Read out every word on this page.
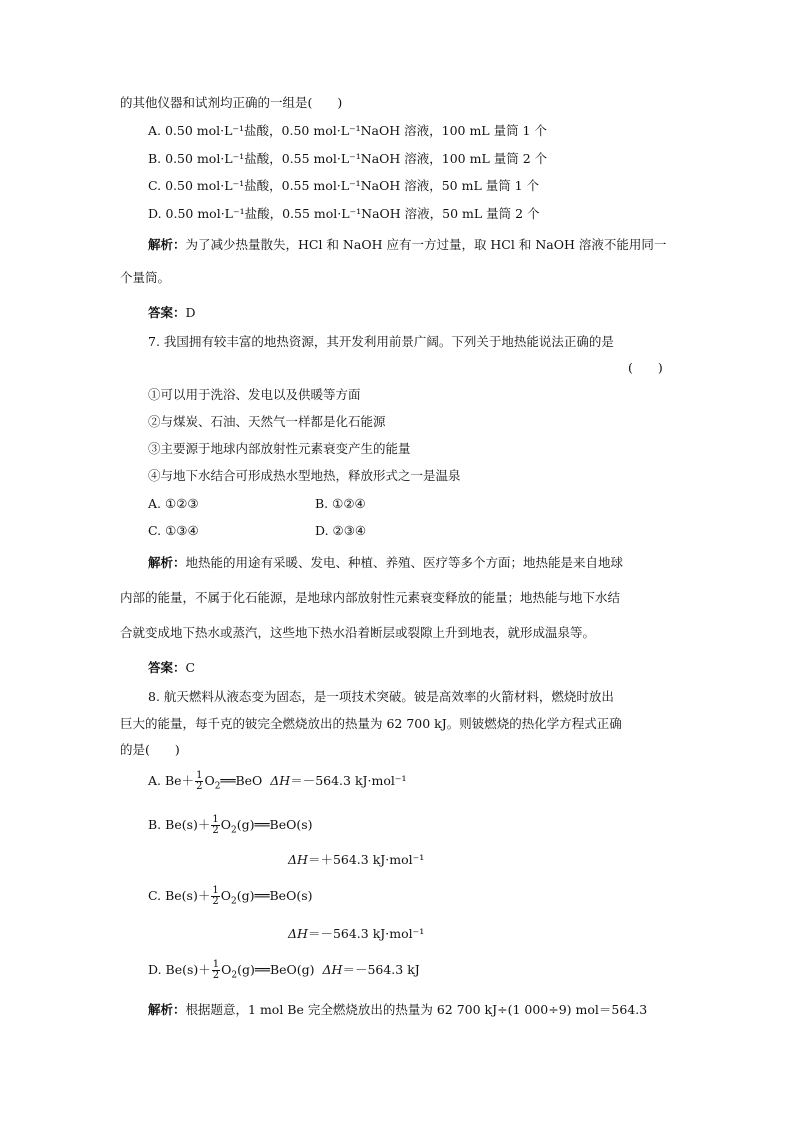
的其他仪器和试剂均正确的一组是(　　)
A. 0.50 mol·L⁻¹盐酸，0.50 mol·L⁻¹NaOH 溶液，100 mL 量筒 1 个
B. 0.50 mol·L⁻¹盐酸，0.55 mol·L⁻¹NaOH 溶液，100 mL 量筒 2 个
C. 0.50 mol·L⁻¹盐酸，0.55 mol·L⁻¹NaOH 溶液，50 mL 量筒 1 个
D. 0.50 mol·L⁻¹盐酸，0.55 mol·L⁻¹NaOH 溶液，50 mL 量筒 2 个
解析：为了减少热量散失，HCl 和 NaOH 应有一方过量，取 HCl 和 NaOH 溶液不能用同一
个量筒。
答案：D
7. 我国拥有较丰富的地热资源，其开发利用前景广阔。下列关于地热能说法正确的是
(　　)
①可以用于洗浴、发电以及供暖等方面
②与煤炭、石油、天然气一样都是化石能源
③主要源于地球内部放射性元素衰变产生的能量
④与地下水结合可形成热水型地热，释放形式之一是温泉
A. ①②③	B. ①②④
C. ①③④	D. ②③④
解析：地热能的用途有采暖、发电、种植、养殖、医疗等多个方面；地热能是来自地球
内部的能量，不属于化石能源，是地球内部放射性元素衰变释放的能量；地热能与地下水结
合就变成地下热水或蒸汽，这些地下热水沿着断层或裂隙上升到地表，就形成温泉等。
答案：C
8. 航天燃料从液态变为固态，是一项技术突破。铍是高效率的火箭材料，燃烧时放出
巨大的能量，每千克的铍完全燃烧放出的热量为 62 700 kJ。则铍燃烧的热化学方程式正确
的是(　　)
A. $Be+ \frac{1}{2}$ $O_2══BeO$ ΔH＝－564.3 kJ·mol⁻¹
B. $Be(s)+ \frac{1}{2}$ $O_2(g)══BeO(s)$
ΔH＝＋564.3 kJ·mol⁻¹
C. $Be(s)+ \frac{1}{2}$ $O_2(g)══BeO(s)$
ΔH＝－564.3 kJ·mol⁻¹
D. $Be(s)+ \frac{1}{2}$ $O_2(g)══BeO(g)$ ΔH＝－564.3 kJ
解析：根据题意，1 mol Be 完全燃烧放出的热量为 62 700 kJ÷(1 000÷9) mol＝564.3
